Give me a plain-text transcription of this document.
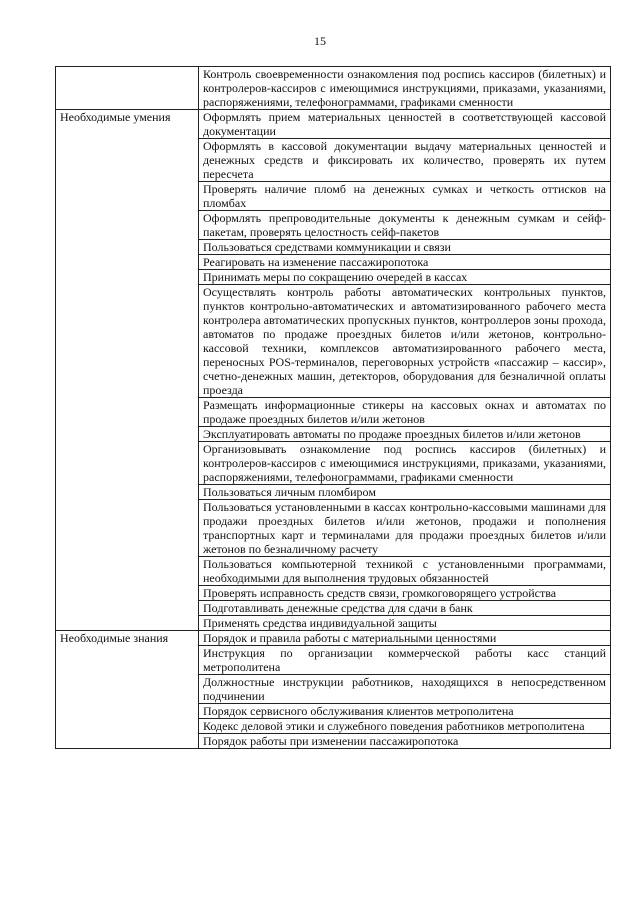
15
	Контроль своевременности ознакомления под роспись кассиров (билетных) и контролеров-кассиров с имеющимися инструкциями, приказами, указаниями, распоряжениями, телефонограммами, графиками сменности
Необходимые умения	Оформлять прием материальных ценностей в соответствующей кассовой документации
	Оформлять в кассовой документации выдачу материальных ценностей и денежных средств и фиксировать их количество, проверять их путем пересчета
	Проверять наличие пломб на денежных сумках и четкость оттисков на пломбах
	Оформлять препроводительные документы к денежным сумкам и сейф-пакетам, проверять целостность сейф-пакетов
	Пользоваться средствами коммуникации и связи
	Реагировать на изменение пассажиропотока
	Принимать меры по сокращению очередей в кассах
	Осуществлять контроль работы автоматических контрольных пунктов, пунктов контрольно-автоматических и автоматизированного рабочего места контролера автоматических пропускных пунктов, контроллеров зоны прохода, автоматов по продаже проездных билетов и/или жетонов, контрольно-кассовой техники, комплексов автоматизированного рабочего места, переносных POS-терминалов, переговорных устройств «пассажир – кассир», счетно-денежных машин, детекторов, оборудования для безналичной оплаты проезда
	Размещать информационные стикеры на кассовых окнах и автоматах по продаже проездных билетов и/или жетонов
	Эксплуатировать автоматы по продаже проездных билетов и/или жетонов
	Организовывать ознакомление под роспись кассиров (билетных) и контролеров-кассиров с имеющимися инструкциями, приказами, указаниями, распоряжениями, телефонограммами, графиками сменности
	Пользоваться личным пломбиром
	Пользоваться установленными в кассах контрольно-кассовыми машинами для продажи проездных билетов и/или жетонов, продажи и пополнения транспортных карт и терминалами для продажи проездных билетов и/или жетонов по безналичному расчету
	Пользоваться компьютерной техникой с установленными программами, необходимыми для выполнения трудовых обязанностей
	Проверять исправность средств связи, громкоговорящего устройства
	Подготавливать денежные средства для сдачи в банк
	Применять средства индивидуальной защиты
Необходимые знания	Порядок и правила работы с материальными ценностями
	Инструкция по организации коммерческой работы касс станций метрополитена
	Должностные инструкции работников, находящихся в непосредственном подчинении
	Порядок сервисного обслуживания клиентов метрополитена
	Кодекс деловой этики и служебного поведения работников метрополитена
	Порядок работы при изменении пассажиропотока
